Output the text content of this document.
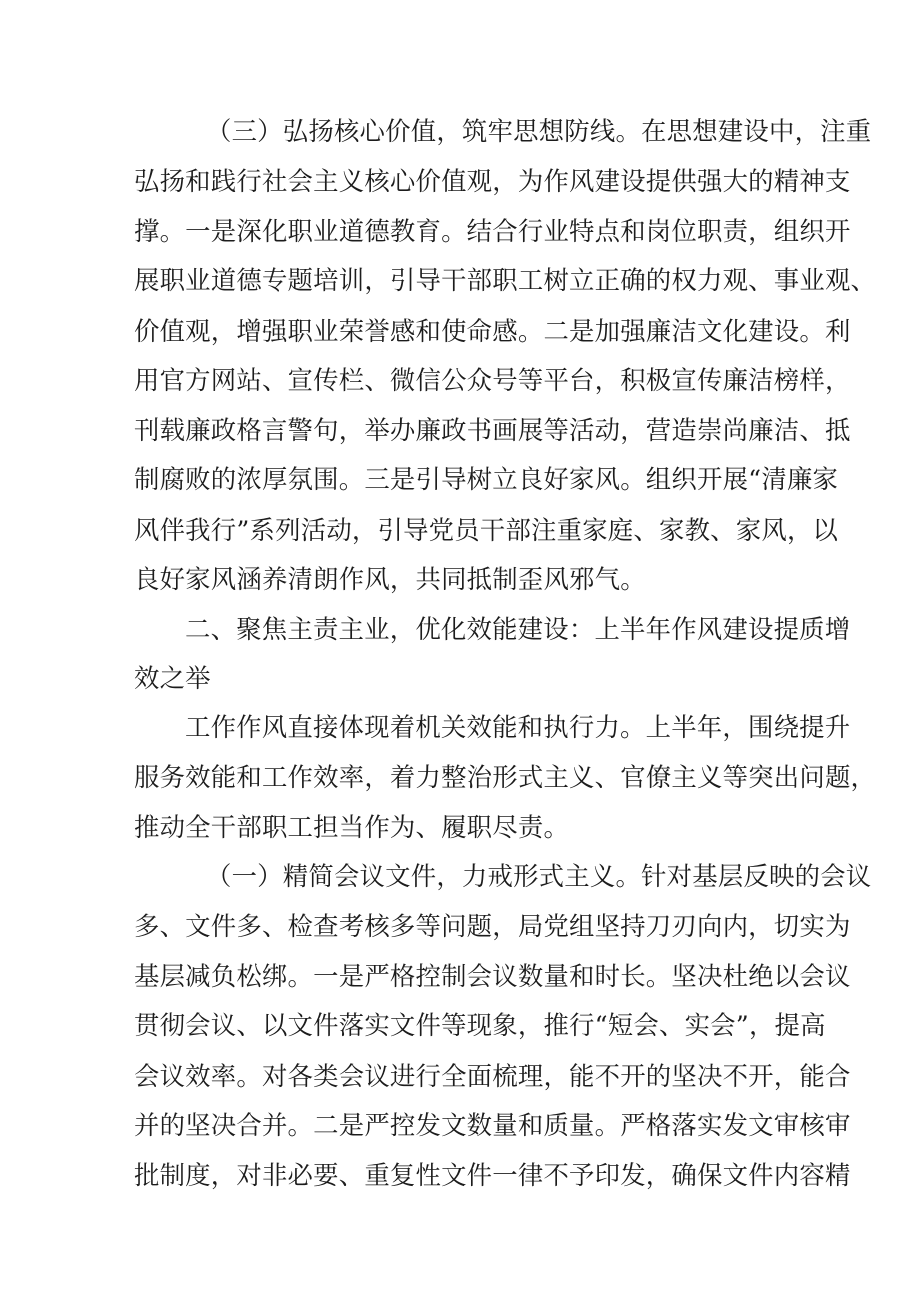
（三）弘扬核心价值，筑牢思想防线。在思想建设中，注重
弘扬和践行社会主义核心价值观，为作风建设提供强大的精神支
撑。一是深化职业道德教育。结合行业特点和岗位职责，组织开
展职业道德专题培训，引导干部职工树立正确的权力观、事业观、
价值观，增强职业荣誉感和使命感。二是加强廉洁文化建设。利
用官方网站、宣传栏、微信公众号等平台，积极宣传廉洁榜样，
刊载廉政格言警句，举办廉政书画展等活动，营造崇尚廉洁、抵
制腐败的浓厚氛围。三是引导树立良好家风。组织开展“清廉家
风伴我行”系列活动，引导党员干部注重家庭、家教、家风，以
良好家风涵养清朗作风，共同抵制歪风邪气。
二、聚焦主责主业，优化效能建设：上半年作风建设提质增
效之举
工作作风直接体现着机关效能和执行力。上半年，围绕提升
服务效能和工作效率，着力整治形式主义、官僚主义等突出问题，
推动全干部职工担当作为、履职尽责。
（一）精简会议文件，力戒形式主义。针对基层反映的会议
多、文件多、检查考核多等问题，局党组坚持刀刃向内，切实为
基层减负松绑。一是严格控制会议数量和时长。坚决杜绝以会议
贯彻会议、以文件落实文件等现象，推行“短会、实会”，提高
会议效率。对各类会议进行全面梳理，能不开的坚决不开，能合
并的坚决合并。二是严控发文数量和质量。严格落实发文审核审
批制度，对非必要、重复性文件一律不予印发，确保文件内容精
